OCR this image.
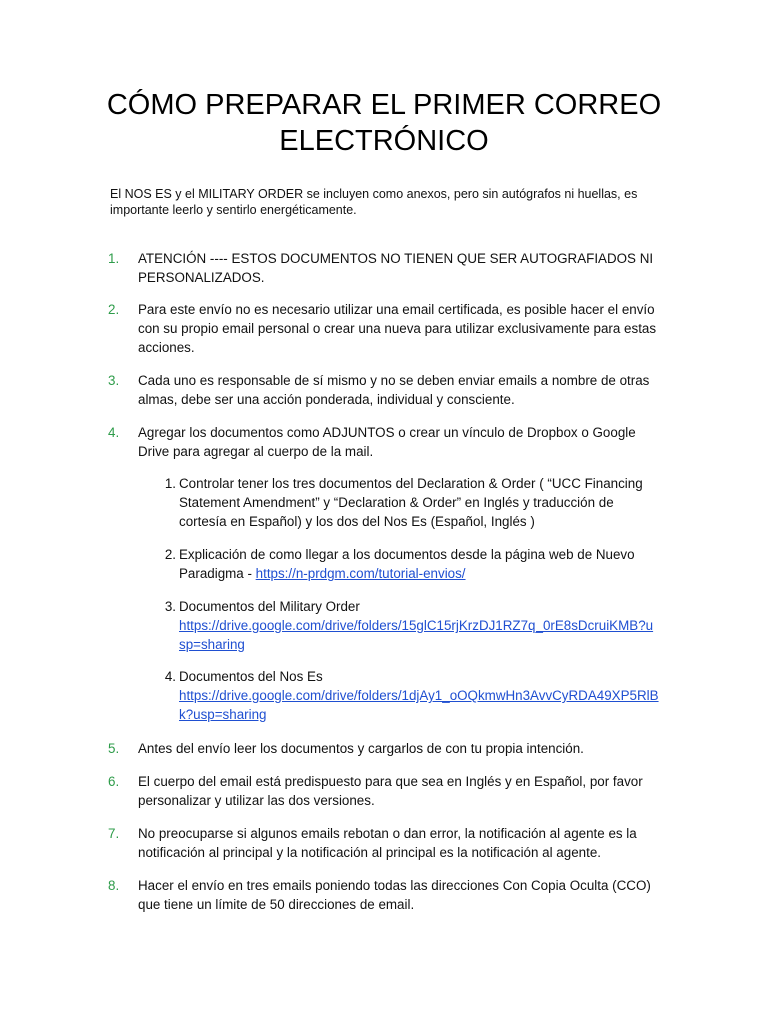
CÓMO PREPARAR EL PRIMER CORREO
ELECTRÓNICO
El NOS ES y el MILITARY ORDER se incluyen como anexos, pero sin autógrafos ni huellas, es importante leerlo y sentirlo energéticamente.
1.	ATENCIÓN ---- ESTOS DOCUMENTOS NO TIENEN QUE SER AUTOGRAFIADOS NI PERSONALIZADOS.
2.	Para este envío no es necesario utilizar una email certificada, es posible hacer el envío con su propio email personal o crear una nueva para utilizar exclusivamente para estas acciones.
3.	Cada uno es responsable de sí mismo y no se deben enviar emails a nombre de otras almas, debe ser una acción ponderada, individual y consciente.
4.	Agregar los documentos como ADJUNTOS o crear un vínculo de Dropbox o Google Drive para agregar al cuerpo de la mail.
1. Controlar tener los tres documentos del Declaration & Order ( “UCC Financing Statement Amendment” y “Declaration & Order” en Inglés y traducción de cortesía en Español) y los dos del Nos Es (Español, Inglés )
2. Explicación de como llegar a los documentos desde la página web de Nuevo Paradigma - https://n-prdgm.com/tutorial-envios/
3. Documentos del Military Order
https://drive.google.com/drive/folders/15glC15rjKrzDJ1RZ7q_0rE8sDcruiKMB?usp=sharing
4. Documentos del Nos Es
https://drive.google.com/drive/folders/1djAy1_oOQkmwHn3AvvCyRDA49XP5RlBk?usp=sharing
5.	Antes del envío leer los documentos y cargarlos de con tu propia intención.
6.	El cuerpo del email está predispuesto para que sea en Inglés y en Español, por favor personalizar y utilizar las dos versiones.
7.	No preocuparse si algunos emails rebotan o dan error, la notificación al agente es la notificación al principal y la notificación al principal es la notificación al agente.
8.	Hacer el envío en tres emails poniendo todas las direcciones Con Copia Oculta (CCO) que tiene un límite de 50 direcciones de email.
